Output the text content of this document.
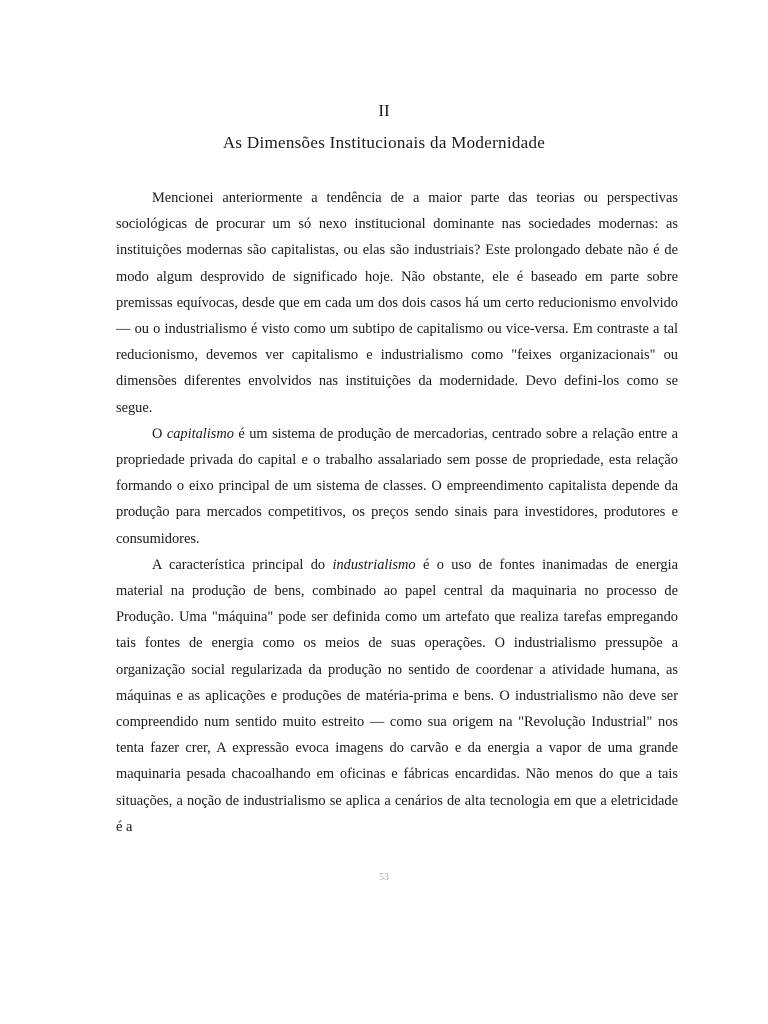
II
As Dimensões Institucionais da Modernidade

Mencionei anteriormente a tendência de a maior parte das teorias ou perspectivas sociológicas de procurar um só nexo institucional dominante nas sociedades modernas: as instituições modernas são capitalistas, ou elas são industriais? Este prolongado debate não é de modo algum desprovido de significado hoje. Não obstante, ele é baseado em parte sobre premissas equívocas, desde que em cada um dos dois casos há um certo reducionismo envolvido — ou o industrialismo é visto como um subtipo de capitalismo ou vice-versa. Em contraste a tal reducionismo, devemos ver capitalismo e industrialismo como "feixes organizacionais" ou dimensões diferentes envolvidos nas instituições da modernidade. Devo defini-los como se segue.

O capitalismo é um sistema de produção de mercadorias, centrado sobre a relação entre a propriedade privada do capital e o trabalho assalariado sem posse de propriedade, esta relação formando o eixo principal de um sistema de classes. O empreendimento capitalista depende da produção para mercados competitivos, os preços sendo sinais para investidores, produtores e consumidores.

A característica principal do industrialismo é o uso de fontes inanimadas de energia material na produção de bens, combinado ao papel central da maquinaria no processo de Produção. Uma "máquina" pode ser definida como um artefato que realiza tarefas empregando tais fontes de energia como os meios de suas operações. O industrialismo pressupõe a organização social regularizada da produção no sentido de coordenar a atividade humana, as máquinas e as aplicações e produções de matéria-prima e bens. O industrialismo não deve ser compreendido num sentido muito estreito — como sua origem na "Revolução Industrial" nos tenta fazer crer, A expressão evoca imagens do carvão e da energia a vapor de uma grande maquinaria pesada chacoalhando em oficinas e fábricas encardidas. Não menos do que a tais situações, a noção de industrialismo se aplica a cenários de alta tecnologia em que a eletricidade é a

53
